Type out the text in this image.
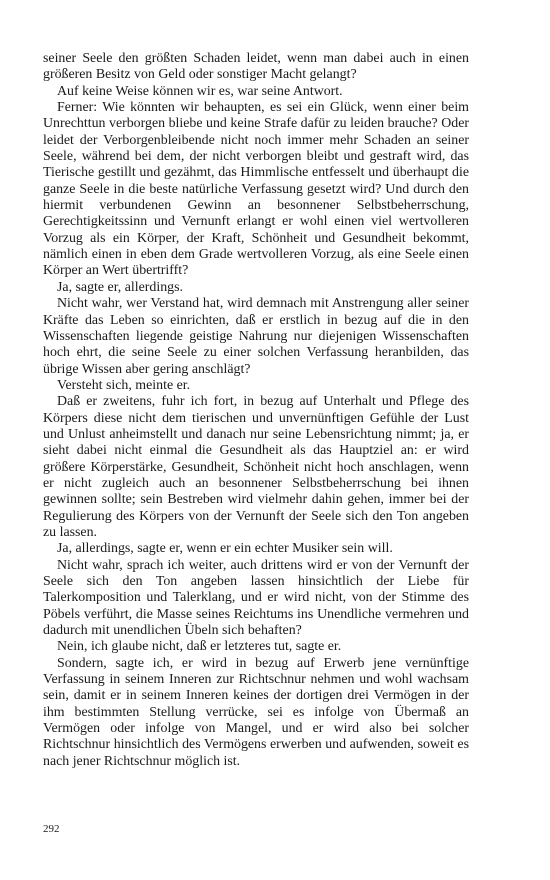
seiner Seele den größten Schaden leidet, wenn man dabei auch in einen größeren Besitz von Geld oder sonstiger Macht gelangt?

Auf keine Weise können wir es, war seine Antwort.

Ferner: Wie könnten wir behaupten, es sei ein Glück, wenn einer beim Unrechttun verborgen bliebe und keine Strafe dafür zu leiden brauche? Oder leidet der Verborgenbleibende nicht noch immer mehr Schaden an seiner Seele, während bei dem, der nicht verborgen bleibt und gestraft wird, das Tierische gestillt und gezähmt, das Himmlische entfesselt und überhaupt die ganze Seele in die beste natürliche Verfassung gesetzt wird? Und durch den hiermit verbundenen Gewinn an besonnener Selbstbeherrschung, Gerechtigkeitssinn und Vernunft erlangt er wohl einen viel wertvolleren Vorzug als ein Körper, der Kraft, Schönheit und Gesundheit bekommt, nämlich einen in eben dem Grade wertvolleren Vorzug, als eine Seele einen Körper an Wert übertrifft?

Ja, sagte er, allerdings.

Nicht wahr, wer Verstand hat, wird demnach mit Anstrengung aller seiner Kräfte das Leben so einrichten, daß er erstlich in bezug auf die in den Wissenschaften liegende geistige Nahrung nur diejenigen Wissenschaften hoch ehrt, die seine Seele zu einer solchen Verfassung heranbilden, das übrige Wissen aber gering anschlägt?

Versteht sich, meinte er.

Daß er zweitens, fuhr ich fort, in bezug auf Unterhalt und Pflege des Körpers diese nicht dem tierischen und unvernünftigen Gefühle der Lust und Unlust anheimstellt und danach nur seine Lebensrichtung nimmt; ja, er sieht dabei nicht einmal die Gesundheit als das Hauptziel an: er wird größere Körperstärke, Gesundheit, Schönheit nicht hoch anschlagen, wenn er nicht zugleich auch an besonnener Selbstbeherrschung bei ihnen gewinnen sollte; sein Bestreben wird vielmehr dahin gehen, immer bei der Regulierung des Körpers von der Vernunft der Seele sich den Ton angeben zu lassen.

Ja, allerdings, sagte er, wenn er ein echter Musiker sein will.

Nicht wahr, sprach ich weiter, auch drittens wird er von der Vernunft der Seele sich den Ton angeben lassen hinsichtlich der Liebe für Talerkomposition und Talerklang, und er wird nicht, von der Stimme des Pöbels verführt, die Masse seines Reichtums ins Unendliche vermehren und dadurch mit unendlichen Übeln sich behaften?

Nein, ich glaube nicht, daß er letzteres tut, sagte er.

Sondern, sagte ich, er wird in bezug auf Erwerb jene vernünftige Verfassung in seinem Inneren zur Richtschnur nehmen und wohl wachsam sein, damit er in seinem Inneren keines der dortigen drei Vermögen in der ihm bestimmten Stellung verrücke, sei es infolge von Übermaß an Vermögen oder infolge von Mangel, und er wird also bei solcher Richtschnur hinsichtlich des Vermögens erwerben und aufwenden, soweit es nach jener Richtschnur möglich ist.

292
